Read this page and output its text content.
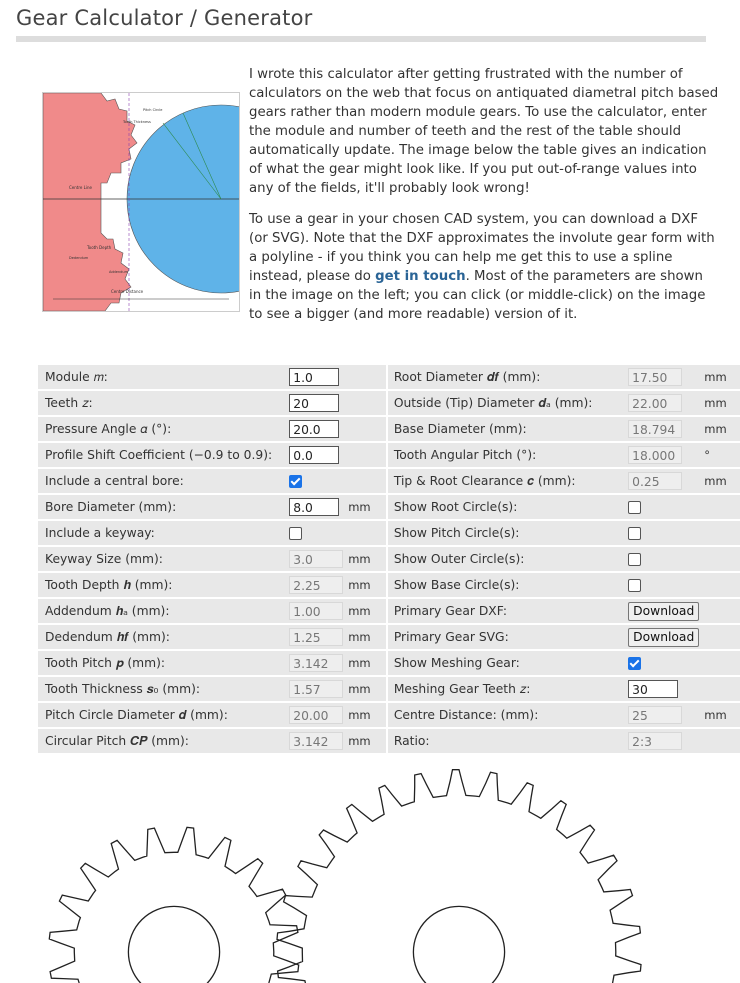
Gear Calculator / Generator
Centre Line
Tooth Depth
Centre Distance
Tooth Thickness
Dedendum
Addendum
Pitch Circle

I wrote this calculator after getting frustrated with the number of calculators on the web that focus on antiquated diametral pitch based gears rather than modern module gears. To use the calculator, enter the module and number of teeth and the rest of the table should automatically update. The image below the table gives an indication of what the gear might look like. If you put out-of-range values into any of the fields, it'll probably look wrong!

To use a gear in your chosen CAD system, you can download a DXF (or SVG). Note that the DXF approximates the involute gear form with a polyline - if you think you can help me get this to use a spline instead, please do get in touch. Most of the parameters are shown in the image on the left; you can click (or middle-click) on the image to see a bigger (and more readable) version of it.

Module 𝑚:	1.0			Root Diameter 𝒅𝒇 (mm):	17.50	mm
Teeth 𝑧:	20			Outside (Tip) Diameter 𝒅ₐ (mm):	22.00	mm
Pressure Angle 𝛼 (°):	20.0			Base Diameter (mm):	18.794	mm
Profile Shift Coefficient (−0.9 to 0.9):	0.0			Tooth Angular Pitch (°):	18.000	°
Include a central bore:				Tip & Root Clearance 𝒄 (mm):	0.25	mm
Bore Diameter (mm):	8.0	mm		Show Root Circle(s):		
Include a keyway:				Show Pitch Circle(s):		
Keyway Size (mm):	3.0	mm		Show Outer Circle(s):		
Tooth Depth 𝒉 (mm):	2.25	mm		Show Base Circle(s):		
Addendum 𝒉ₐ (mm):	1.00	mm		Primary Gear DXF:	Download	
Dedendum 𝒉𝒇 (mm):	1.25	mm		Primary Gear SVG:	Download	
Tooth Pitch 𝒑 (mm):	3.142	mm		Show Meshing Gear:		
Tooth Thickness 𝒔₀ (mm):	1.57	mm		Meshing Gear Teeth 𝑧:	30	
Pitch Circle Diameter 𝒅 (mm):	20.00	mm		Centre Distance: (mm):	25	mm
Circular Pitch 𝑪𝑷 (mm):	3.142	mm		Ratio:	2:3	
